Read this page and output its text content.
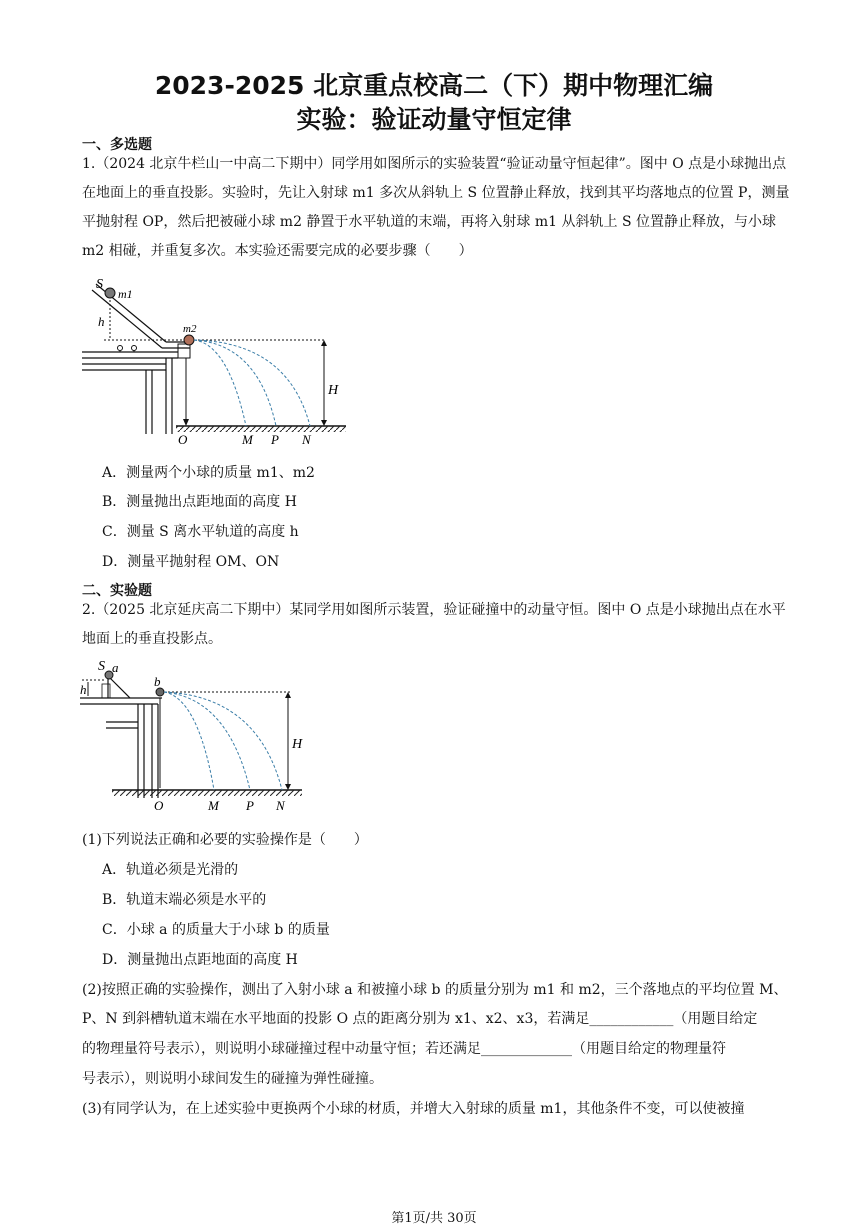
2023-2025 北京重点校高二（下）期中物理汇编
实验：验证动量守恒定律
一、多选题
1.（2024 北京牛栏山一中高二下期中）同学用如图所示的实验装置“验证动量守恒起律”。图中 O 点是小球抛出点在地面上的垂直投影。实验时，先让入射球 m1 多次从斜轨上 S 位置静止释放，找到其平均落地点的位置 P，测量平抛射程 OP，然后把被碰小球 m2 静置于水平轨道的末端，再将入射球 m1 从斜轨上 S 位置静止释放，与小球 m2 相碰，并重复多次。本实验还需要完成的必要步骤（　　）
S
m1
m2
h
H
O	M P N
A．测量两个小球的质量 m1、m2
B．测量抛出点距地面的高度 H
C．测量 S 离水平轨道的高度 h
D．测量平抛射程 OM、ON
二、实验题
2.（2025 北京延庆高二下期中）某同学用如图所示装置，验证碰撞中的动量守恒。图中 O 点是小球抛出点在水平地面上的垂直投影点。
S a
b
h
H
O	M P N
(1)下列说法正确和必要的实验操作是（　　）
A．轨道必须是光滑的
B．轨道末端必须是水平的
C．小球 a 的质量大于小球 b 的质量
D．测量抛出点距地面的高度 H
(2)按照正确的实验操作，测出了入射小球 a 和被撞小球 b 的质量分别为 m1 和 m2，三个落地点的平均位置 M、
P、N 到斜槽轨道末端在水平地面的投影 O 点的距离分别为 x1、x2、x3，若满足____________（用题目给定
的物理量符号表示），则说明小球碰撞过程中动量守恒；若还满足_____________（用题目给定的物理量符
号表示），则说明小球间发生的碰撞为弹性碰撞。
(3)有同学认为，在上述实验中更换两个小球的材质，并增大入射球的质量 m1，其他条件不变，可以使被撞
第1页/共 30页
